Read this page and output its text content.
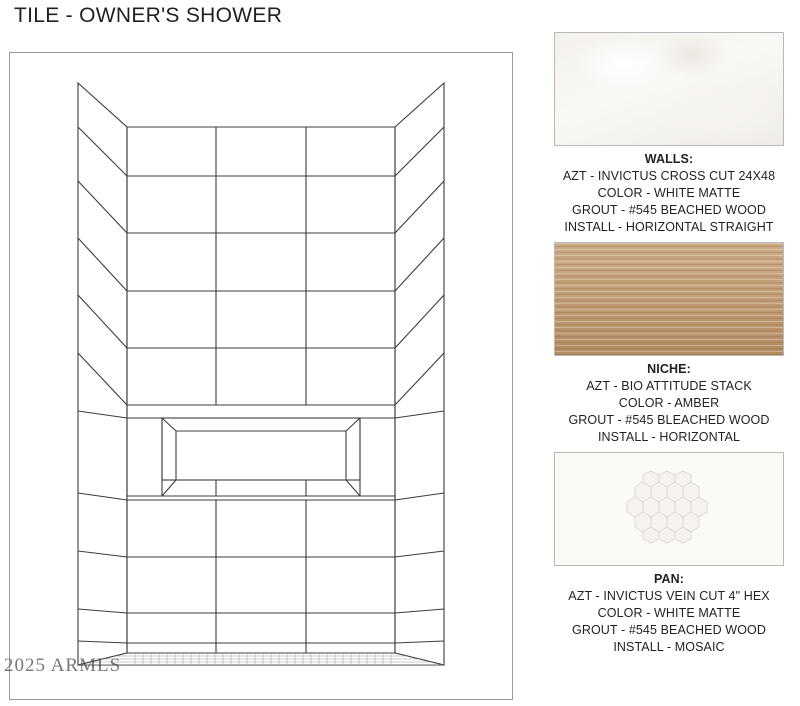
TILE - OWNER'S SHOWER
2025 ARMLS
WALLS:
AZT - INVICTUS CROSS CUT 24X48
COLOR - WHITE MATTE
GROUT - #545 BEACHED WOOD
INSTALL - HORIZONTAL STRAIGHT
NICHE:
AZT - BIO ATTITUDE STACK
COLOR - AMBER
GROUT - #545 BLEACHED WOOD
INSTALL - HORIZONTAL
PAN:
AZT - INVICTUS VEIN CUT 4" HEX
COLOR - WHITE MATTE
GROUT - #545 BEACHED WOOD
INSTALL - MOSAIC
